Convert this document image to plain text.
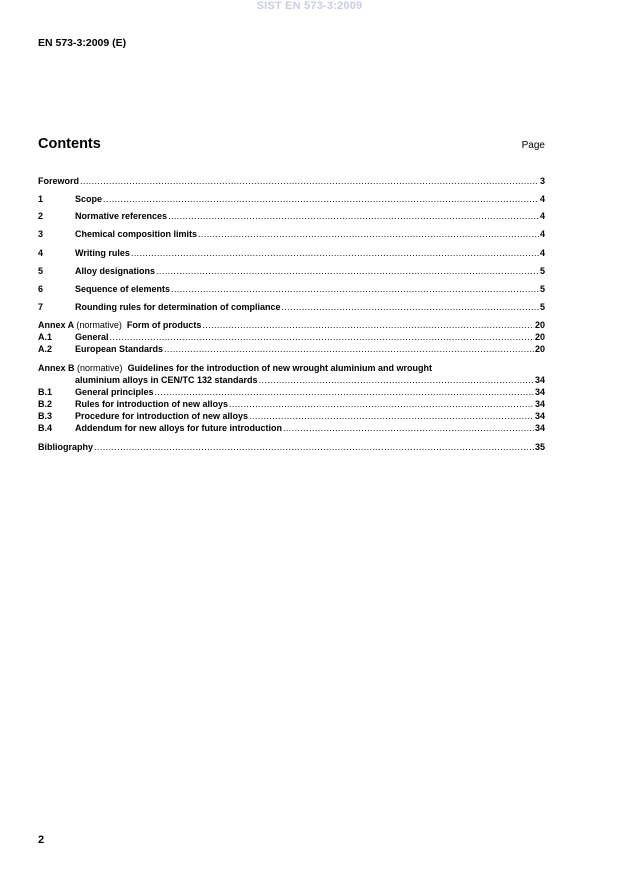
SIST EN 573-3:2009
EN 573-3:2009 (E)
Contents	Page
Foreword .....	3
1	Scope .....	4
2	Normative references .....	4
3	Chemical composition limits .....	4
4	Writing rules .....	4
5	Alloy designations .....	5
6	Sequence of elements .....	5
7	Rounding rules for determination of compliance .....	5
Annex A (normative) Form of products .....	20
A.1	General .....	20
A.2	European Standards .....	20
Annex B (normative) Guidelines for the introduction of new wrought aluminium and wrought
aluminium alloys in CEN/TC 132 standards .....	34
B.1	General principles .....	34
B.2	Rules for introduction of new alloys .....	34
B.3	Procedure for introduction of new alloys .....	34
B.4	Addendum for new alloys for future introduction .....	34
Bibliography .....	35
2
